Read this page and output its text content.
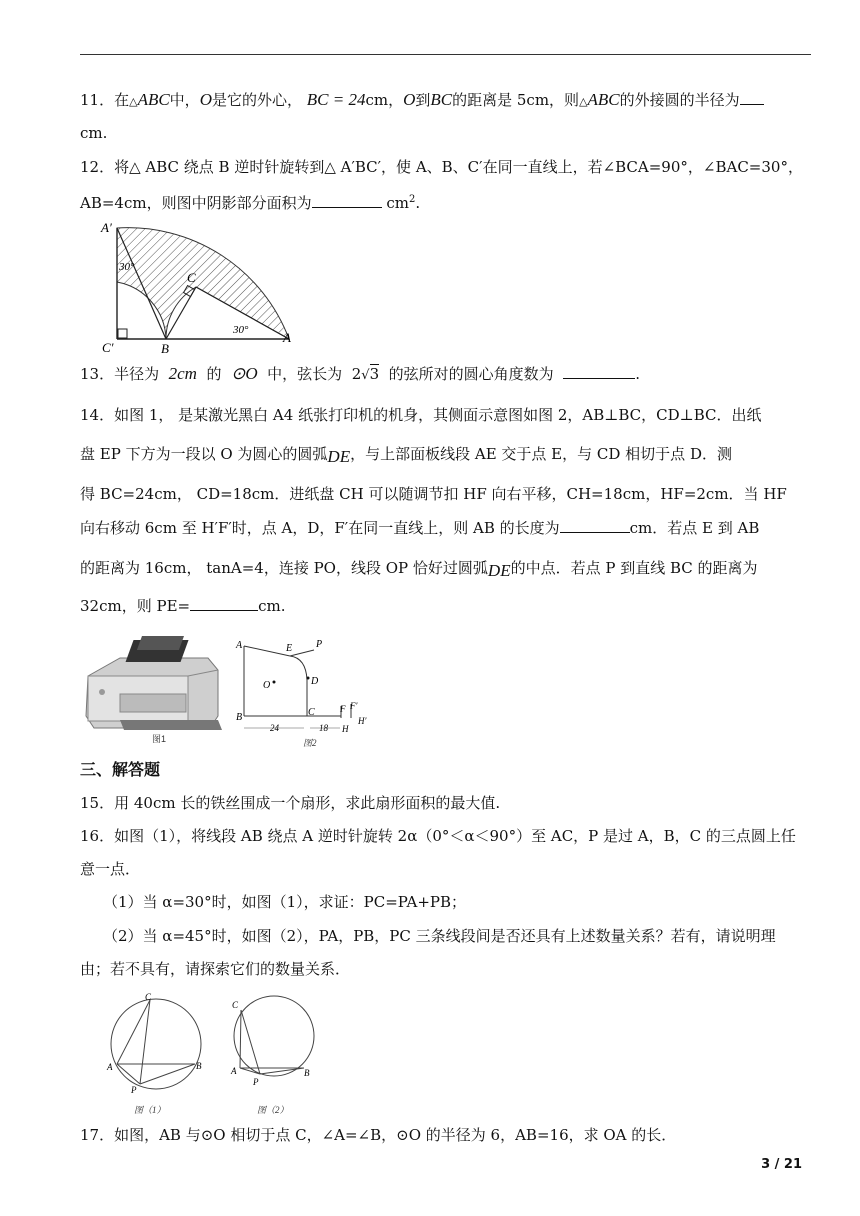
11．在△ABC中，O是它的外心， BC = 24cm，O到BC的距离是 5cm，则△ABC的外接圆的半径为
cm.
12．将△ ABC 绕点 B 逆时针旋转到△ A′BC′，使 A、B、C′在同一直线上，若∠BCA=90°，∠BAC=30°，
AB=4cm，则图中阴影部分面积为	$cm^2$.
A′
C
C′	B
A
30°
30°
13．半径为 2cm 的 ⊙O 中，弦长为 2√3 的弦所对的圆心角度数为	.
14．如图 1， 是某激光黑白 A4 纸张打印机的机身，其侧面示意图如图 2，AB⊥BC，CD⊥BC．出纸
盘 EP 下方为一段以 O 为圆心的圆弧DE，与上部面板线段 AE 交于点 E，与 CD 相切于点 D．测
得 BC=24cm， CD=18cm．进纸盘 CH 可以随调节扣 HF 向右平移，CH=18cm，HF=2cm．当 HF
向右移动 6cm 至 H′F′时，点 A，D，F′在同一直线上，则 AB 的长度为	cm．若点 E 到 AB
的距离为 16cm， tanA=4，连接 PO，线段 OP 恰好过圆弧DE的中点．若点 P 到直线 BC 的距离为
32cm，则 PE=	cm.
图1
A	E P
O	D
B	C	F F′
H
H′
24	18
图2
三、解答题
15．用 40cm 长的铁丝围成一个扇形，求此扇形面积的最大值.
16．如图（1），将线段 AB 绕点 A 逆时针旋转 2α（0°＜α＜90°）至 AC，P 是过 A，B，C 的三点圆上任
意一点．
（1）当 α=30°时，如图（1），求证：PC=PA+PB；
（2）当 α=45°时，如图（2），PA，PB，PC 三条线段间是否还具有上述数量关系？若有，请说明理
由；若不具有，请探索它们的数量关系．
C
A	B
P
图（1）
C
A	B
P
图（2）
17．如图，AB 与⊙O 相切于点 C，∠A=∠B，⊙O 的半径为 6，AB=16，求 OA 的长．
3 / 21
